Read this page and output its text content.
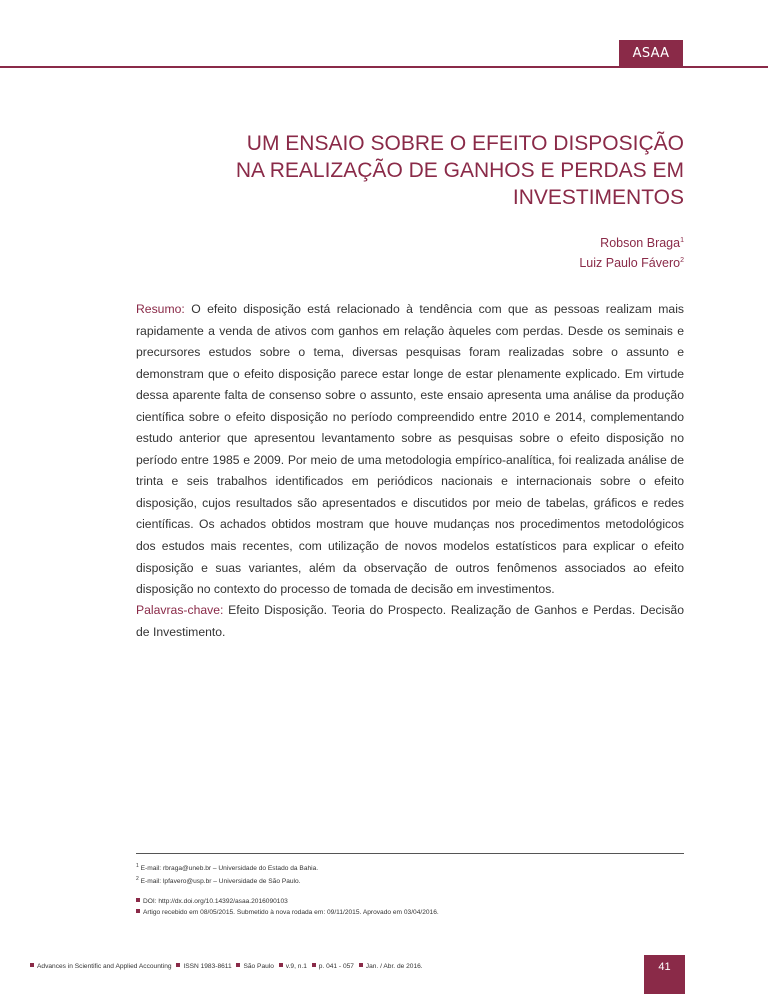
ASAA
UM ENSAIO SOBRE O EFEITO DISPOSIÇÃO
NA REALIZAÇÃO DE GANHOS E PERDAS EM
INVESTIMENTOS
Robson Braga$^1$
Luiz Paulo Fávero$^2$
Resumo: O efeito disposição está relacionado à tendência com que as pessoas realizam mais rapidamente a venda de ativos com ganhos em relação àqueles com perdas. Desde os seminais e precursores estudos sobre o tema, diversas pesquisas foram realizadas sobre o assunto e demonstram que o efeito disposição parece estar longe de estar plenamente explicado. Em virtude dessa aparente falta de consenso sobre o assunto, este ensaio apresenta uma análise da produção científica sobre o efeito disposição no período compreendido entre 2010 e 2014, complementando estudo anterior que apresentou levantamento sobre as pesquisas sobre o efeito disposição no período entre 1985 e 2009. Por meio de uma metodologia empírico-analítica, foi realizada análise de trinta e seis trabalhos identificados em periódicos nacionais e internacionais sobre o efeito disposição, cujos resultados são apresentados e discutidos por meio de tabelas, gráficos e redes científicas. Os achados obtidos mostram que houve mudanças nos procedimentos metodológicos dos estudos mais recentes, com utilização de novos modelos estatísticos para explicar o efeito disposição e suas variantes, além da observação de outros fenômenos associados ao efeito disposição no contexto do processo de tomada de decisão em investimentos.
Palavras-chave: Efeito Disposição. Teoria do Prospecto. Realização de Ganhos e Perdas. Decisão de Investimento.
$^1$ E-mail: rbraga@uneb.br – Universidade do Estado da Bahia.
$^2$ E-mail: lpfavero@usp.br – Universidade de São Paulo.
DOI: http://dx.doi.org/10.14392/asaa.2016090103
Artigo recebido em 08/05/2015. Submetido à nova rodada em: 09/11/2015. Aprovado em 03/04/2016.
Advances in Scientific and Applied Accounting ISSN 1983-8611 São Paulo v.9, n.1 p. 041 - 057 Jan. / Abr. de 2016.	41
